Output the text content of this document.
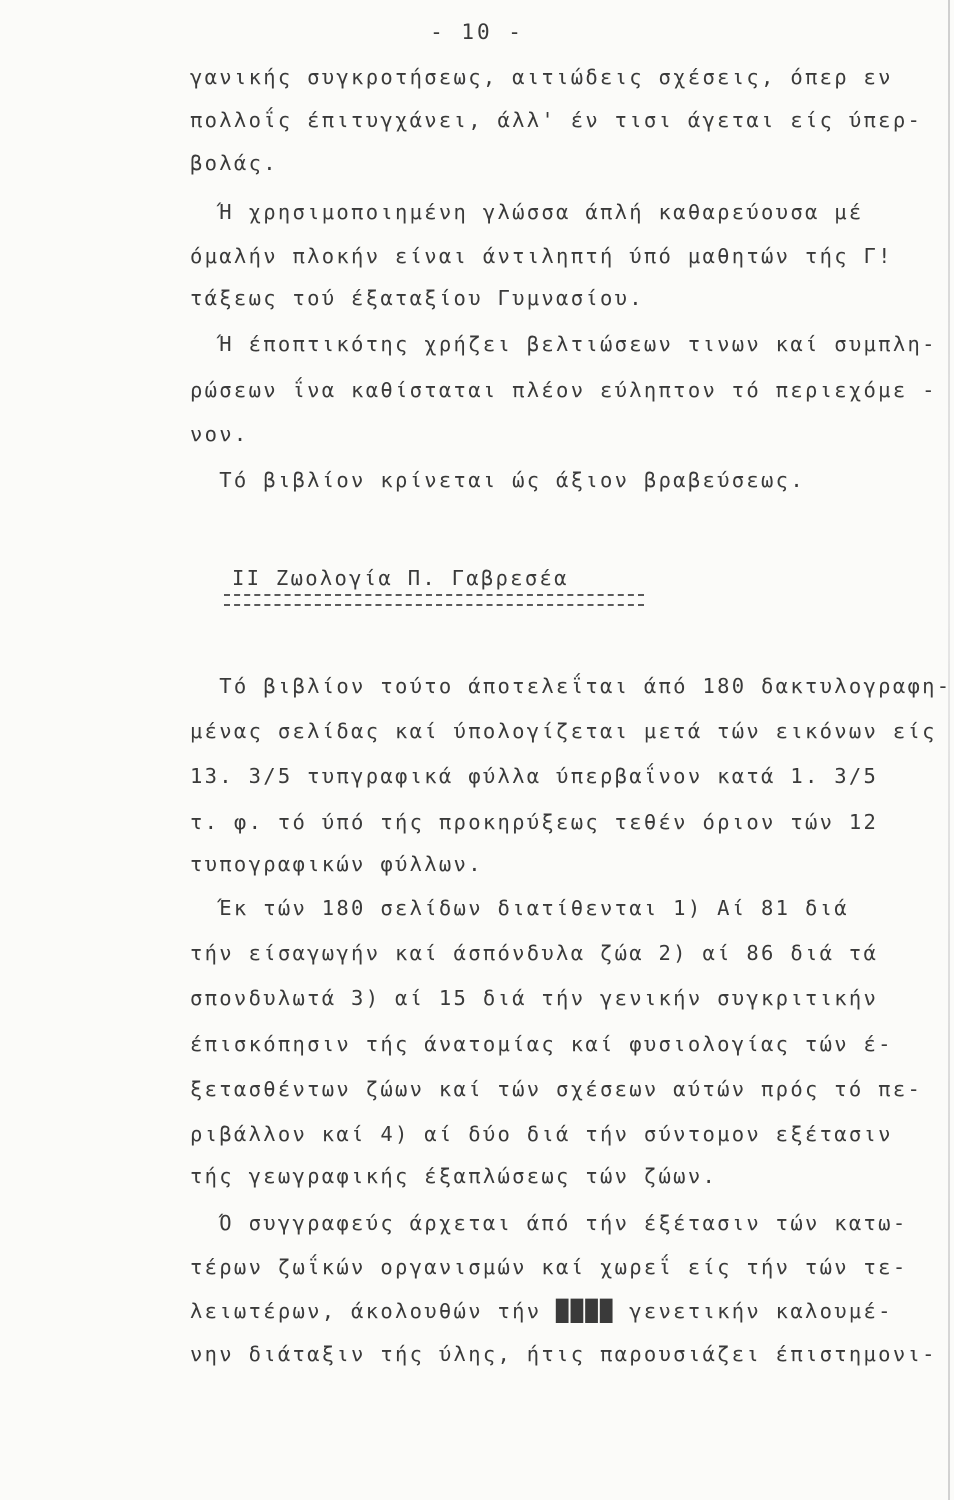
- 10 -
γανικής συγκροτήσεως, αιτιώδεις σχέσεις, όπερ εν
πολλοΐς έπιτυγχάνει, άλλ' έν τισι άγεται είς ύπερ-
βολάς.
Ή χρησιμοποιημένη γλώσσα άπλή καθαρεύουσα μέ
όμαλήν πλοκήν είναι άντιληπτή ύπό μαθητών τής Γ!
τάξεως τού έξαταξίου Γυμνασίου.
Ή έποπτικότης χρήζει βελτιώσεων τινων καί συμπλη-
ρώσεων ΐνα καθίσταται πλέον εύληπτον τό περιεχόμε -
νον.
Τό βιβλίον κρίνεται ώς άξιον βραβεύσεως.
II Ζωολογία Π. Γαβρεσέα
Τό βιβλίον τούτο άποτελεΐται άπό 180 δακτυλογραφη-
μένας σελίδας καί ύπολογίζεται μετά τών εικόνων είς
13. 3/5 τυπγραφικά φύλλα ύπερβαΐνον κατά 1. 3/5
τ. φ. τό ύπό τής προκηρύξεως τεθέν όριον τών 12
τυπογραφικών φύλλων.
Έκ τών 180 σελίδων διατίθενται 1) Αί 81 διά
τήν είσαγωγήν καί άσπόνδυλα ζώα 2) αί 86 διά τά
σπονδυλωτά 3) αί 15 διά τήν γενικήν συγκριτικήν
έπισκόπησιν τής άνατομίας καί φυσιολογίας τών έ-
ξετασθέντων ζώων καί τών σχέσεων αύτών πρός τό πε-
ριβάλλον καί 4) αί δύο διά τήν σύντομον εξέτασιν
τής γεωγραφικής έξαπλώσεως τών ζώων.
Ό συγγραφεύς άρχεται άπό τήν έξέτασιν τών κατω-
τέρων ζωΐκών οργανισμών καί χωρεΐ είς τήν τών τε-
λειωτέρων, άκολουθών τήν ████ γενετικήν καλουμέ-
νην διάταξιν τής ύλης, ήτις παρουσιάζει έπιστημονι-
